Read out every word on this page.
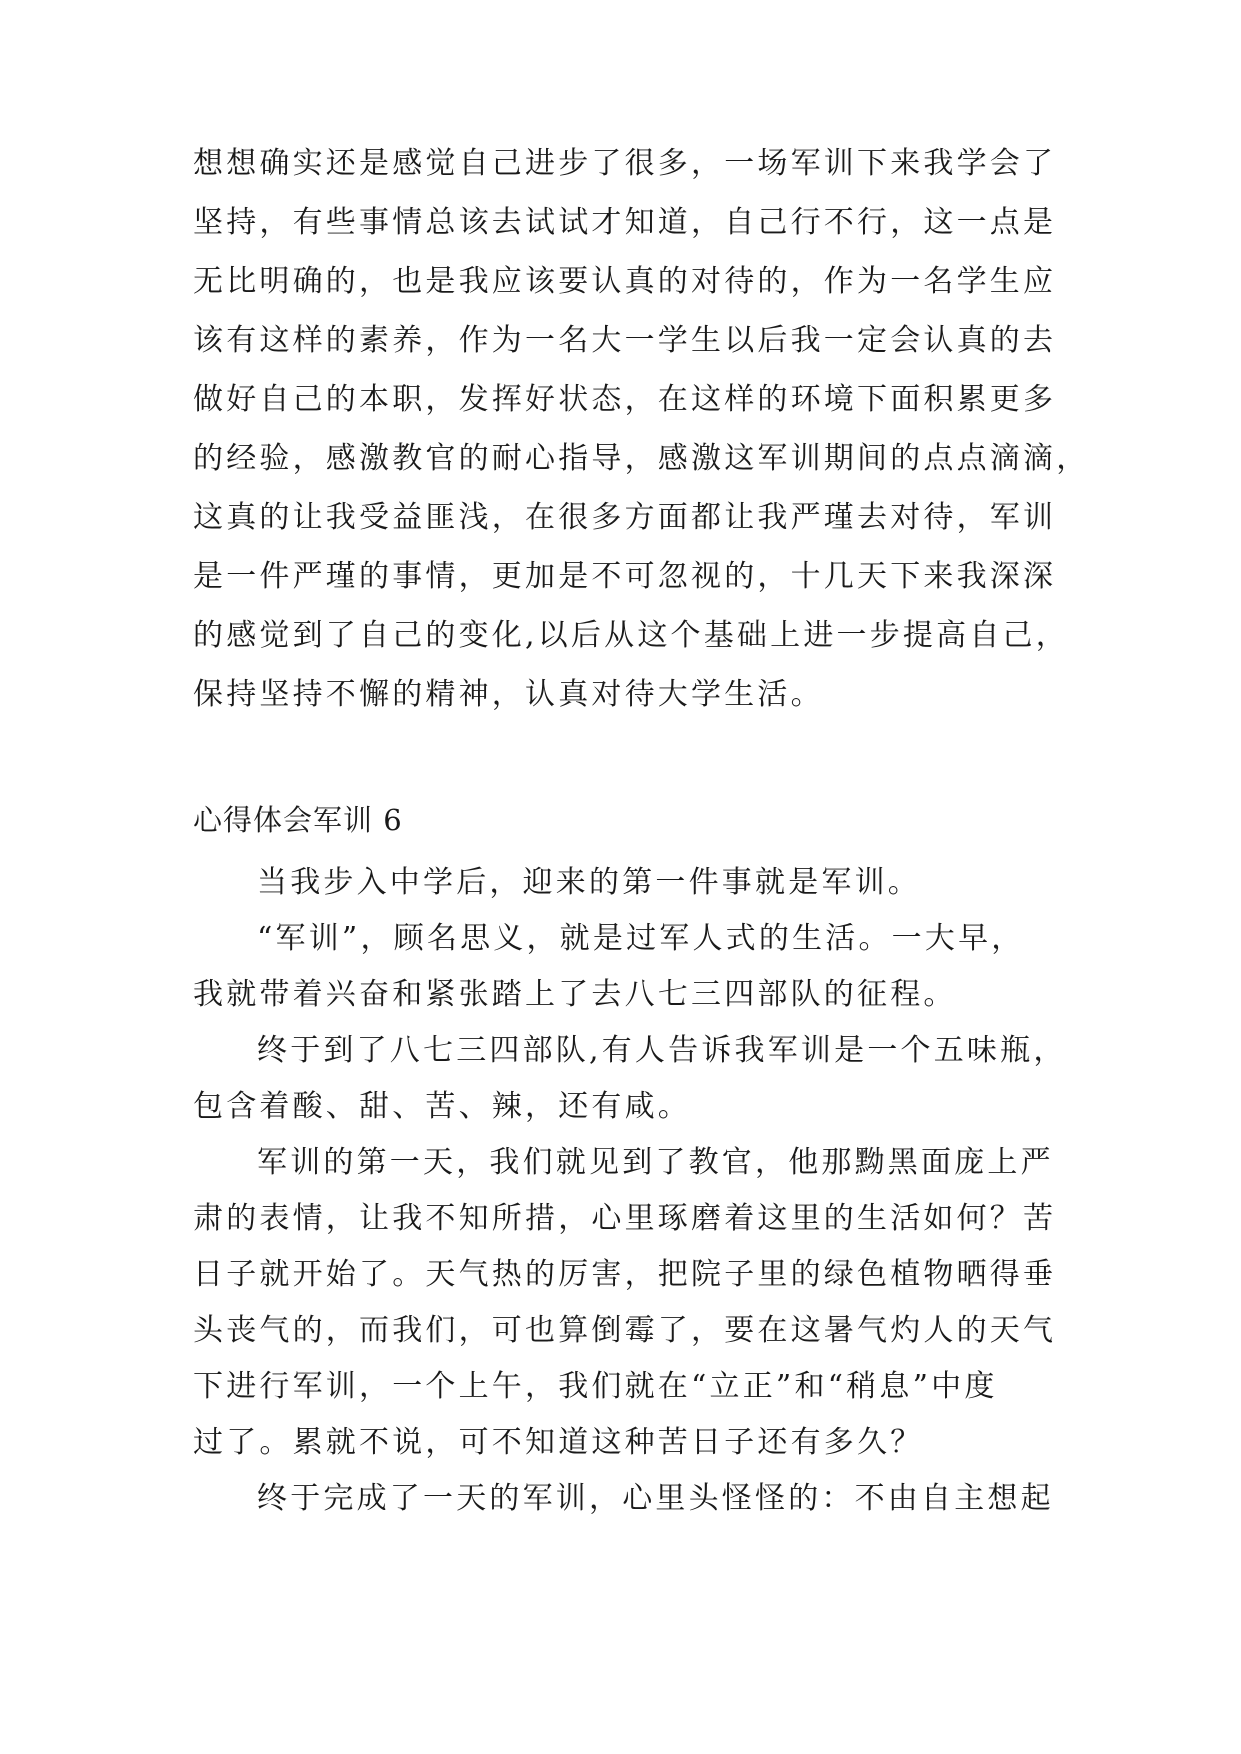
想想确实还是感觉自己进步了很多，一场军训下来我学会了
坚持，有些事情总该去试试才知道，自己行不行，这一点是
无比明确的，也是我应该要认真的对待的，作为一名学生应
该有这样的素养，作为一名大一学生以后我一定会认真的去
做好自己的本职，发挥好状态，在这样的环境下面积累更多
的经验，感激教官的耐心指导，感激这军训期间的点点滴滴，
这真的让我受益匪浅，在很多方面都让我严瑾去对待，军训
是一件严瑾的事情，更加是不可忽视的，十几天下来我深深
的感觉到了自己的变化,以后从这个基础上进一步提高自己，
保持坚持不懈的精神，认真对待大学生活。
心得体会军训 6
当我步入中学后，迎来的第一件事就是军训。
“军训”，顾名思义，就是过军人式的生活。一大早，
我就带着兴奋和紧张踏上了去八七三四部队的征程。
终于到了八七三四部队,有人告诉我军训是一个五味瓶，
包含着酸、甜、苦、辣，还有咸。
军训的第一天，我们就见到了教官，他那黝黑面庞上严
肃的表情，让我不知所措，心里琢磨着这里的生活如何？苦
日子就开始了。天气热的厉害，把院子里的绿色植物晒得垂
头丧气的，而我们，可也算倒霉了，要在这暑气灼人的天气
下进行军训，一个上午，我们就在“立正”和“稍息”中度
过了。累就不说，可不知道这种苦日子还有多久？
终于完成了一天的军训，心里头怪怪的：不由自主想起
